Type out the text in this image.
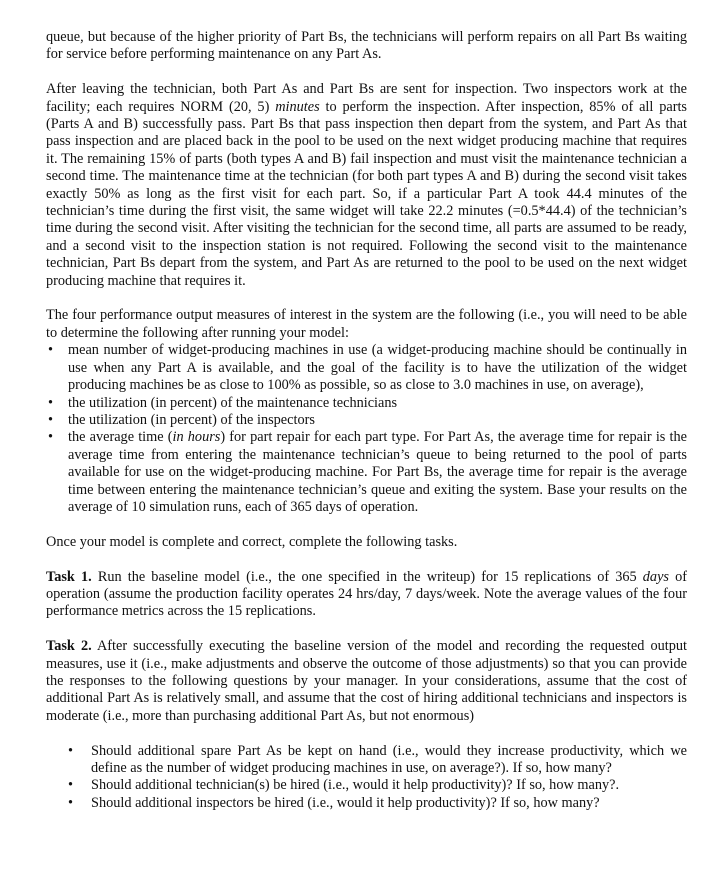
queue, but because of the higher priority of Part Bs, the technicians will perform repairs on all Part Bs waiting for service before performing maintenance on any Part As.

After leaving the technician, both Part As and Part Bs are sent for inspection. Two inspectors work at the facility; each requires NORM (20, 5) minutes to perform the inspection. After inspection, 85% of all parts (Parts A and B) successfully pass. Part Bs that pass inspection then depart from the system, and Part As that pass inspection and are placed back in the pool to be used on the next widget producing machine that requires it. The remaining 15% of parts (both types A and B) fail inspection and must visit the maintenance technician a second time. The maintenance time at the technician (for both part types A and B) during the second visit takes exactly 50% as long as the first visit for each part. So, if a particular Part A took 44.4 minutes of the technician’s time during the first visit, the same widget will take 22.2 minutes (=0.5*44.4) of the technician’s time during the second visit. After visiting the technician for the second time, all parts are assumed to be ready, and a second visit to the inspection station is not required. Following the second visit to the maintenance technician, Part Bs depart from the system, and Part As are returned to the pool to be used on the next widget producing machine that requires it.

The four performance output measures of interest in the system are the following (i.e., you will need to be able to determine the following after running your model:

• mean number of widget-producing machines in use (a widget-producing machine should be continually in use when any Part A is available, and the goal of the facility is to have the utilization of the widget producing machines be as close to 100% as possible, so as close to 3.0 machines in use, on average),
• the utilization (in percent) of the maintenance technicians
• the utilization (in percent) of the inspectors
• the average time (in hours) for part repair for each part type. For Part As, the average time for repair is the average time from entering the maintenance technician’s queue to being returned to the pool of parts available for use on the widget-producing machine. For Part Bs, the average time for repair is the average time between entering the maintenance technician’s queue and exiting the system. Base your results on the average of 10 simulation runs, each of 365 days of operation.

Once your model is complete and correct, complete the following tasks.

Task 1. Run the baseline model (i.e., the one specified in the writeup) for 15 replications of 365 days of operation (assume the production facility operates 24 hrs/day, 7 days/week. Note the average values of the four performance metrics across the 15 replications.

Task 2. After successfully executing the baseline version of the model and recording the requested output measures, use it (i.e., make adjustments and observe the outcome of those adjustments) so that you can provide the responses to the following questions by your manager. In your considerations, assume that the cost of additional Part As is relatively small, and assume that the cost of hiring additional technicians and inspectors is moderate (i.e., more than purchasing additional Part As, but not enormous)

• Should additional spare Part As be kept on hand (i.e., would they increase productivity, which we define as the number of widget producing machines in use, on average?). If so, how many?
• Should additional technician(s) be hired (i.e., would it help productivity)? If so, how many?.
• Should additional inspectors be hired (i.e., would it help productivity)? If so, how many?
